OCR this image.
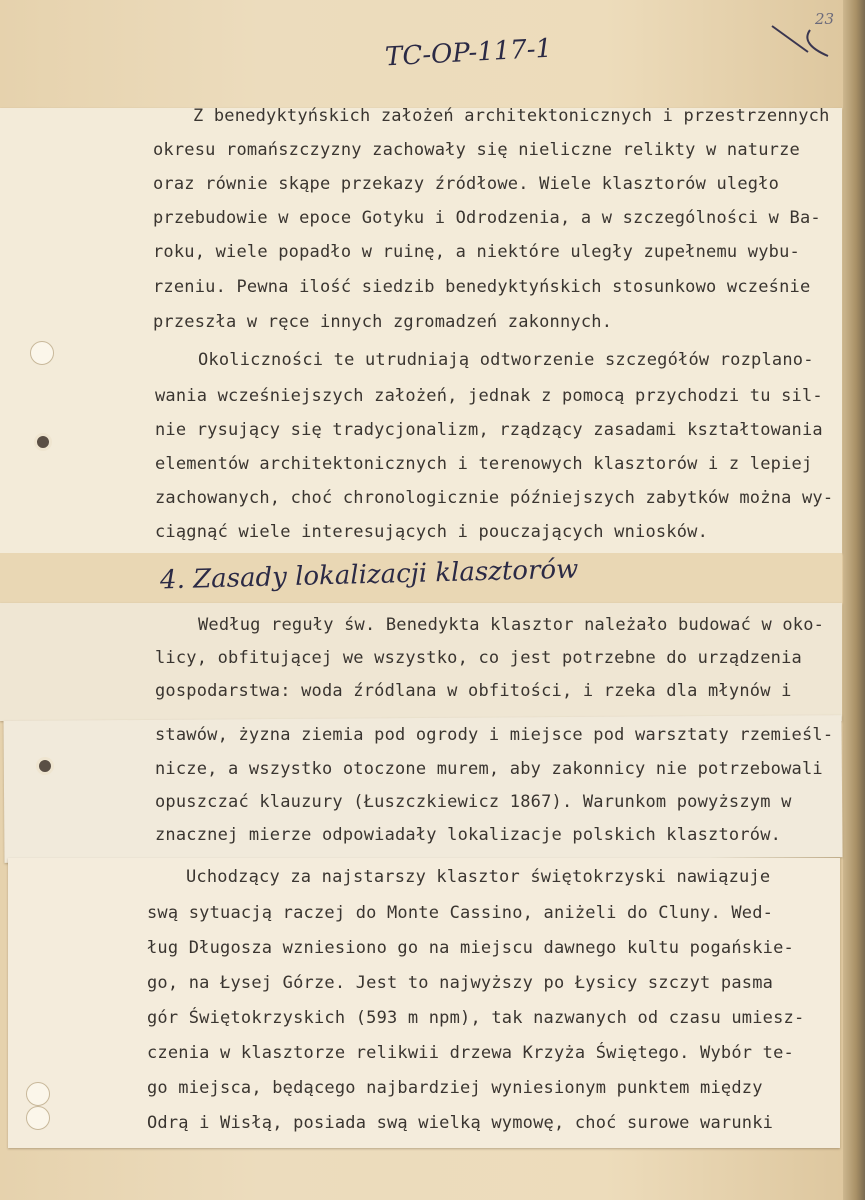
TC-OP-117-1
23
Z benedyktyńskich założeń architektonicznych i przestrzennych
okresu romańszczyzny zachowały się nieliczne relikty w naturze
oraz równie skąpe przekazy źródłowe. Wiele klasztorów uległo
przebudowie w epoce Gotyku i Odrodzenia, a w szczególności w Ba-
roku, wiele popadło w ruinę, a niektóre uległy zupełnemu wybu-
rzeniu. Pewna ilość siedzib benedyktyńskich stosunkowo wcześnie
przeszła w ręce innych zgromadzeń zakonnych.
Okoliczności te utrudniają odtworzenie szczegółów rozplano-
wania wcześniejszych założeń, jednak z pomocą przychodzi tu sil-
nie rysujący się tradycjonalizm, rządzący zasadami kształtowania
elementów architektonicznych i terenowych klasztorów i z lepiej
zachowanych, choć chronologicznie późniejszych zabytków można wy-
ciągnąć wiele interesujących i pouczających wniosków.
4. Zasady lokalizacji klasztorów
Według reguły św. Benedykta klasztor należało budować w oko-
licy, obfitującej we wszystko, co jest potrzebne do urządzenia
gospodarstwa: woda źródlana w obfitości, i rzeka dla młynów i
stawów, żyzna ziemia pod ogrody i miejsce pod warsztaty rzemieśl-
nicze, a wszystko otoczone murem, aby zakonnicy nie potrzebowali
opuszczać klauzury (Łuszczkiewicz 1867). Warunkom powyższym w
znacznej mierze odpowiadały lokalizacje polskich klasztorów.
Uchodzący za najstarszy klasztor świętokrzyski nawiązuje
swą sytuacją raczej do Monte Cassino, aniżeli do Cluny. Wed-
ług Długosza wzniesiono go na miejscu dawnego kultu pogańskie-
go, na Łysej Górze. Jest to najwyższy po Łysicy szczyt pasma
gór Świętokrzyskich (593 m npm), tak nazwanych od czasu umiesz-
czenia w klasztorze relikwii drzewa Krzyża Świętego. Wybór te-
go miejsca, będącego najbardziej wyniesionym punktem między
Odrą i Wisłą, posiada swą wielką wymowę, choć surowe warunki
